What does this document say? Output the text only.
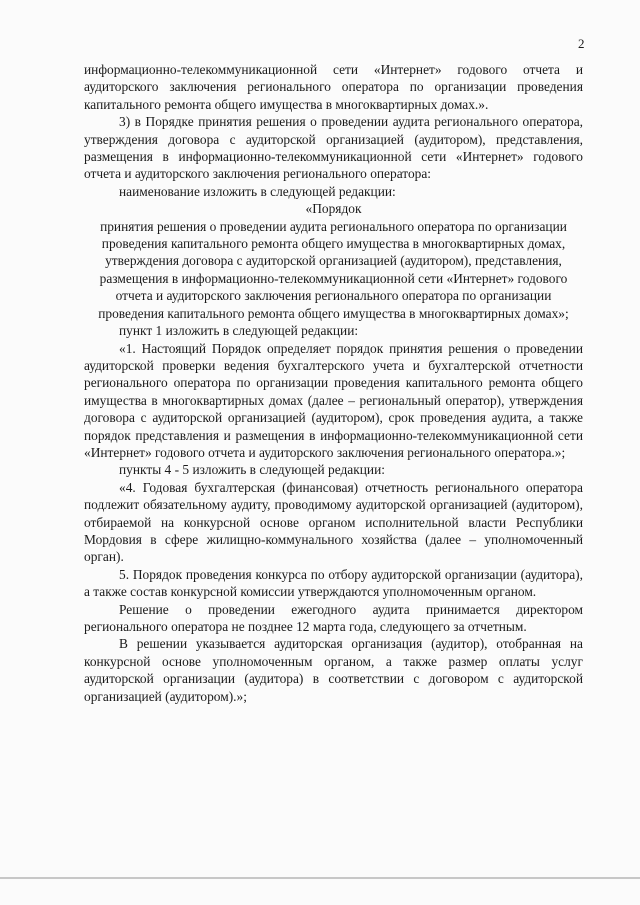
2

информационно-телекоммуникационной сети «Интернет» годового отчета и аудиторского заключения регионального оператора по организации проведения капитального ремонта общего имущества в многоквартирных домах.».

3) в Порядке принятия решения о проведении аудита регионального оператора, утверждения договора с аудиторской организацией (аудитором), представления, размещения в информационно-телекоммуникационной сети «Интернет» годового отчета и аудиторского заключения регионального оператора:

наименование изложить в следующей редакции:

«Порядок

принятия решения о проведении аудита регионального оператора по организации проведения капитального ремонта общего имущества в многоквартирных домах, утверждения договора с аудиторской организацией (аудитором), представления, размещения в информационно-телекоммуникационной сети «Интернет» годового отчета и аудиторского заключения регионального оператора по организации проведения капитального ремонта общего имущества в многоквартирных домах»;

пункт 1 изложить в следующей редакции:

«1. Настоящий Порядок определяет порядок принятия решения о проведении аудиторской проверки ведения бухгалтерского учета и бухгалтерской отчетности регионального оператора по организации проведения капитального ремонта общего имущества в многоквартирных домах (далее – региональный оператор), утверждения договора с аудиторской организацией (аудитором), срок проведения аудита, а также порядок представления и размещения в информационно-телекоммуникационной сети «Интернет» годового отчета и аудиторского заключения регионального оператора.»;

пункты 4 - 5 изложить в следующей редакции:

«4. Годовая бухгалтерская (финансовая) отчетность регионального оператора подлежит обязательному аудиту, проводимому аудиторской организацией (аудитором), отбираемой на конкурсной основе органом исполнительной власти Республики Мордовия в сфере жилищно-коммунального хозяйства (далее – уполномоченный орган).

5. Порядок проведения конкурса по отбору аудиторской организации (аудитора), а также состав конкурсной комиссии утверждаются уполномоченным органом.

Решение о проведении ежегодного аудита принимается директором регионального оператора не позднее 12 марта года, следующего за отчетным.

В решении указывается аудиторская организация (аудитор), отобранная на конкурсной основе уполномоченным органом, а также размер оплаты услуг аудиторской организации (аудитора) в соответствии с договором с аудиторской организацией (аудитором).»;
